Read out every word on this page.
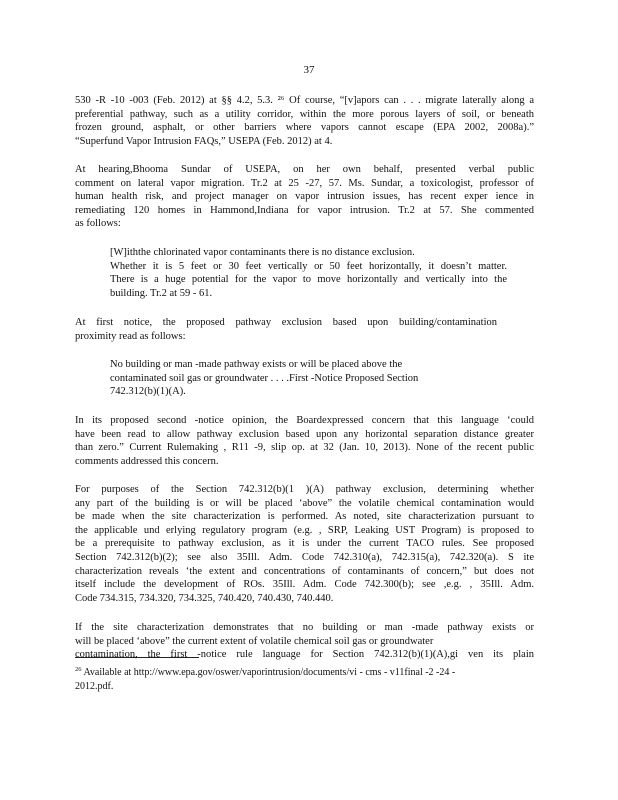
37
530 -R -10 -003 (Feb. 2012) at §§ 4.2, 5.3. ²⁶ Of course, “[v]apors can . . . migrate laterally along a
preferential pathway, such as a utility corridor, within the more porous layers of soil, or beneath
frozen ground, asphalt, or other barriers where vapors cannot escape (EPA 2002, 2008a).”
“Superfund Vapor Intrusion FAQs,” USEPA (Feb. 2012) at 4.
At hearing,Bhooma Sundar of USEPA, on her own behalf, presented verbal public
comment on lateral vapor migration. Tr.2 at 25 -27, 57. Ms. Sundar, a toxicologist, professor of
human health risk, and project manager on vapor intrusion issues, has recent exper ience in
remediating 120 homes in Hammond,Indiana for vapor intrusion. Tr.2 at 57. She commented
as follows:
[W]iththe chlorinated vapor contaminants there is no distance exclusion.
Whether it is 5 feet or 30 feet vertically or 50 feet horizontally, it doesn’t matter.
There is a huge potential for the vapor to move horizontally and vertically into the
building. Tr.2 at 59 - 61.
At first notice, the proposed pathway exclusion based upon building/contamination
proximity read as follows:
No building or man -made pathway exists or will be placed above the
contaminated soil gas or groundwater . . . .First -Notice Proposed Section
742.312(b)(1)(A).
In its proposed second -notice opinion, the Boardexpressed concern that this language ‘could
have been read to allow pathway exclusion based upon any horizontal separation distance greater
than zero.” Current Rulemaking , R11 -9, slip op. at 32 (Jan. 10, 2013). None of the recent public
comments addressed this concern.
For purposes of the Section 742.312(b)(1 )(A) pathway exclusion, determining whether
any part of the building is or will be placed ‘above” the volatile chemical contamination would
be made when the site characterization is performed. As noted, site characterization pursuant to
the applicable und erlying regulatory program (e.g. , SRP, Leaking UST Program) is proposed to
be a prerequisite to pathway exclusion, as it is under the current TACO rules. See proposed
Section 742.312(b)(2); see also 35Ill. Adm. Code 742.310(a), 742.315(a), 742.320(a). S ite
characterization reveals ‘the extent and concentrations of contaminants of concern,” but does not
itself include the development of ROs. 35Ill. Adm. Code 742.300(b); see ,e.g. , 35Ill. Adm.
Code 734.315, 734.320, 734.325, 740.420, 740.430, 740.440.
If the site characterization demonstrates that no building or man -made pathway exists or
will be placed ‘above” the current extent of volatile chemical soil gas or groundwater
contamination, the first -notice rule language for Section 742.312(b)(1)(A),gi ven its plain
$^{26}$ Available at http://www.epa.gov/oswer/vaporintrusion/documents/vi - cms - v11final -2 -24 -
2012.pdf.
